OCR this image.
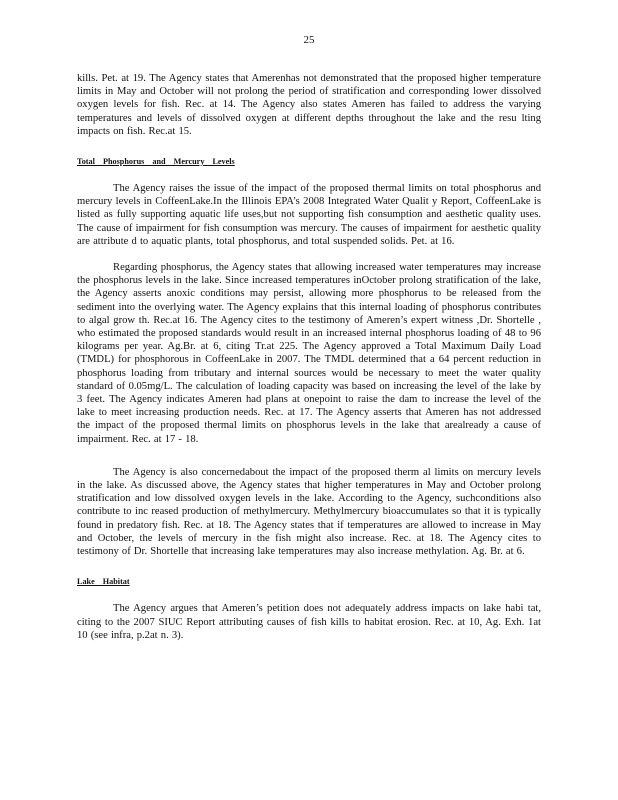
25

kills. Pet. at 19. The Agency states that Amerenhas not demonstrated that the proposed higher temperature limits in May and October will not prolong the period of stratification and corresponding lower dissolved oxygen levels for fish. Rec. at 14. The Agency also states Ameren has failed to address the varying temperatures and levels of dissolved oxygen at different depths throughout the lake and the resu lting impacts on fish. Rec.at 15.

Total Phosphorus and Mercury Levels

The Agency raises the issue of the impact of the proposed thermal limits on total phosphorus and mercury levels in CoffeenLake.In the Illinois EPA’s 2008 Integrated Water Qualit y Report, CoffeenLake is listed as fully supporting aquatic life uses,but not supporting fish consumption and aesthetic quality uses. The cause of impairment for fish consumption was mercury. The causes of impairment for aesthetic quality are attribute d to aquatic plants, total phosphorus, and total suspended solids. Pet. at 16.

Regarding phosphorus, the Agency states that allowing increased water temperatures may increase the phosphorus levels in the lake. Since increased temperatures inOctober prolong stratification of the lake, the Agency asserts anoxic conditions may persist, allowing more phosphorus to be released from the sediment into the overlying water. The Agency explains that this internal loading of phosphorus contributes to algal grow th. Rec.at 16. The Agency cites to the testimony of Ameren’s expert witness ,Dr. Shortelle , who estimated the proposed standards would result in an increased internal phosphorus loading of 48 to 96 kilograms per year. Ag.Br. at 6, citing Tr.at 225. The Agency approved a Total Maximum Daily Load (TMDL) for phosphorous in CoffeenLake in 2007. The TMDL determined that a 64 percent reduction in phosphorus loading from tributary and internal sources would be necessary to meet the water quality standard of 0.05mg/L. The calculation of loading capacity was based on increasing the level of the lake by 3 feet. The Agency indicates Ameren had plans at onepoint to raise the dam to increase the level of the lake to meet increasing production needs. Rec. at 17. The Agency asserts that Ameren has not addressed the impact of the proposed thermal limits on phosphorus levels in the lake that arealready a cause of impairment. Rec. at 17 - 18.

The Agency is also concernedabout the impact of the proposed therm al limits on mercury levels in the lake. As discussed above, the Agency states that higher temperatures in May and October prolong stratification and low dissolved oxygen levels in the lake. According to the Agency, suchconditions also contribute to inc reased production of methylmercury. Methylmercury bioaccumulates so that it is typically found in predatory fish. Rec. at 18. The Agency states that if temperatures are allowed to increase in May and October, the levels of mercury in the fish might also increase. Rec. at 18. The Agency cites to testimony of Dr. Shortelle that increasing lake temperatures may also increase methylation. Ag. Br. at 6.

Lake Habitat

The Agency argues that Ameren’s petition does not adequately address impacts on lake habi tat, citing to the 2007 SIUC Report attributing causes of fish kills to habitat erosion. Rec. at 10, Ag. Exh. 1at 10 (see infra, p.2at n. 3).
